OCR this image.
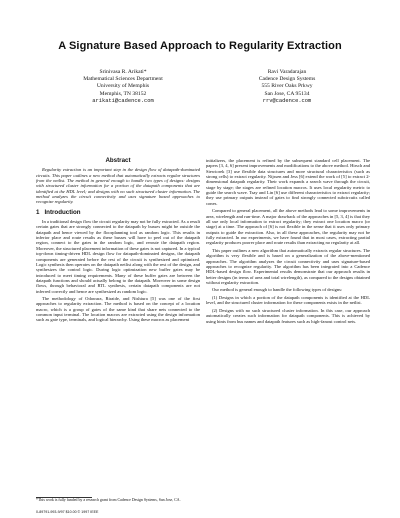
A Signature Based Approach to Regularity Extraction
Srinivasa R. Arikati*
Mathematical Sciences Department
University of Memphis
Memphis, TN 38152
arikati@cadence.com
Ravi Varadarajan
Cadence Design Systems
555 River Oaks Prkwy
San Jose, CA 95134
rrv@cadence.com
Abstract

Regularity extraction is an important step in the design flow of datapath-dominated circuits. This paper outlines a new method that automatically extracts regular structures from the netlist. The method in general enough to handle two types of designs: designs with structured cluster information for a portion of the datapath components that are identified at the HDL level; and designs with no such structured cluster information. The method analyzes the circuit connectivity and uses signature based approaches to recognize regularity.

1 Introduction

In a traditional design flow the circuit regularity may not be fully extracted. As a result certain gates that are strongly connected to the datapath by busses might be outside the datapath and hence viewed by the floorplanning tool as random logic. This results in inferior place and route results as these busses will have to peel out of the datapath region, connect to the gates in the random logic, and reroute the datapath region. Moreover, the structured placement information of these gates is not captured. In a typical top-down timing-driven HDL design flow for datapath-dominated designs, the datapath components are generated before the rest of the circuit is synthesized and optimized. Logic synthesis then operates on the datapath netlist along with the rest of the design, and synthesizes the control logic. During logic optimization new buffer gates may be introduced to meet timing requirements. Many of these buffer gates are between the datapath functions and should actually belong to the datapath. Moreover in some design flows, through behavioral and RTL synthesis, certain datapath components are not inferred correctly and hence are synthesized as random logic.

The methodology of Odawara, Riraide, and Nishiura [5] was one of the first approaches to regularity extraction. The method is based on the concept of a location macro, which is a group of gates of the same kind that share nets connected to the common input terminal. The location macros are extracted using the design information such as gate type, terminals, and logical hierarchy. Using these macros as placement

initializers, the placement is refined by the subsequent standard cell placement. The papers [3, 4, 6] present improvements and modifications to the above method. Hirsch and Siewiorek [3] use flexible data structures and more structural characteristics (such as strong cells) to extract regularity. Nijssen and Jess [6] extend the work of [5] to extract 2-dimensional datapath regularity. Their work expands a search wave through the circuit, stage by stage; the stages are refined location macros. It uses local regularity metric to guide the search wave. Tsay and Lin [6] use different characteristics to extract regularity; they use primary outputs instead of gates to find strongly connected subcircuits called cones.

Compared to general placement, all the above methods lead to some improvements in area, wirelength and run-time. A major drawback of the approaches in [5, 3, 4] is that they all use only local information to extract regularity; they extract one location macro (or stage) at a time. The approach of [6] is not flexible in the sense that it uses only primary outputs to guide the extraction. Also, in all these approaches, the regularity may not be fully extracted. In our experiments, we have found that in most cases, extracting partial regularity produces poorer place and route results than extracting no regularity at all.

This paper outlines a new algorithm that automatically extracts regular structures. The algorithm is very flexible and is based on a generalization of the above-mentioned approaches. The algorithm analyzes the circuit connectivity and uses signature-based approaches to recognize regularity. The algorithm has been integrated into a Cadence HDL-based design flow. Experimental results demonstrate that our approach results in better designs (in terms of area and total wirelength), as compared to the designs obtained without regularity extraction.

Our method is general enough to handle the following types of designs:

(1) Designs in which a portion of the datapath components is identified at the HDL level, and the structured cluster information for these components exists in the netlist.

(2) Designs with no such structured cluster information. In this case, our approach automatically creates such information for datapath components. This is achieved by using hints from bus names and datapath features such as high-fanout control nets.

*This work is fully funded by a research grant from Cadence Design Systems, San Jose, CA.
0-89791-993-9/97 $10.00 © 1997 IEEE
